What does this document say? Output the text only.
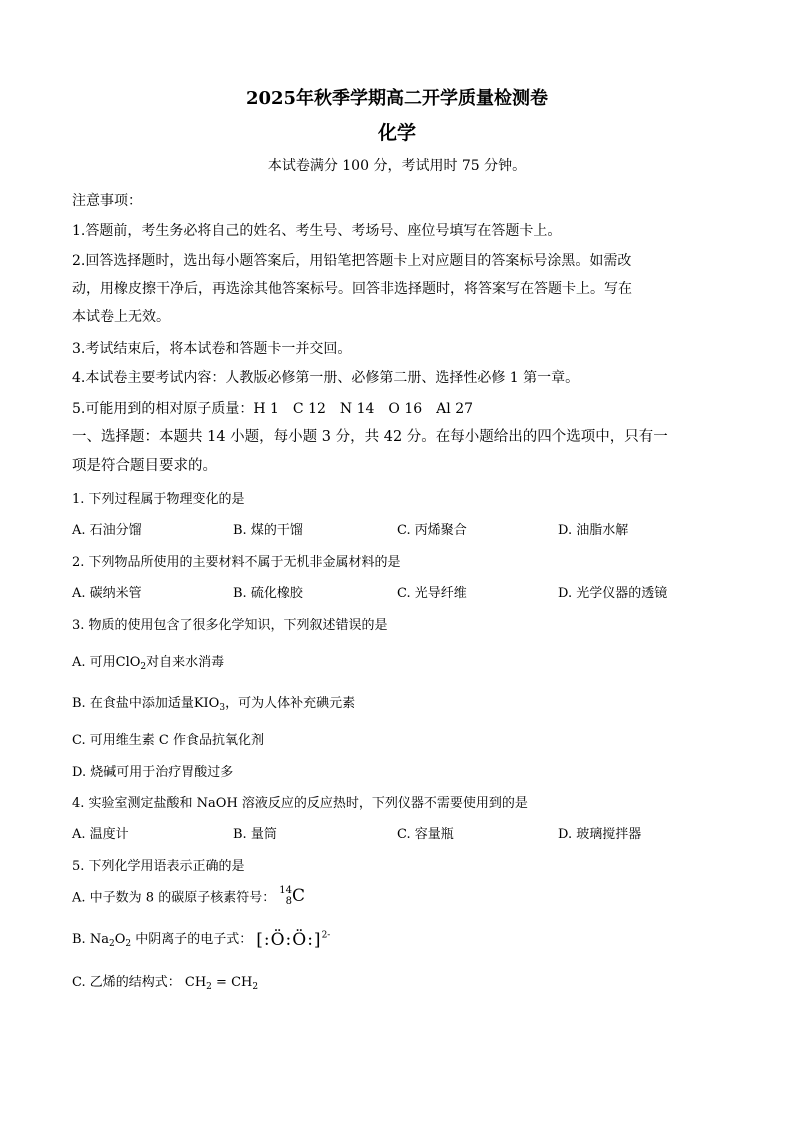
2025年秋季学期高二开学质量检测卷
化学
本试卷满分 100 分，考试用时 75 分钟。
注意事项：
1.答题前，考生务必将自己的姓名、考生号、考场号、座位号填写在答题卡上。
2.回答选择题时，选出每小题答案后，用铅笔把答题卡上对应题目的答案标号涂黑。如需改
动，用橡皮擦干净后，再选涂其他答案标号。回答非选择题时，将答案写在答题卡上。写在
本试卷上无效。
3.考试结束后，将本试卷和答题卡一并交回。
4.本试卷主要考试内容：人教版必修第一册、必修第二册、选择性必修 1 第一章。
5.可能用到的相对原子质量：H 1　C 12　N 14　O 16　Al 27
一、选择题：本题共 14 小题，每小题 3 分，共 42 分。在每小题给出的四个选项中，只有一
项是符合题目要求的。
1. 下列过程属于物理变化的是
A. 石油分馏	B. 煤的干馏	C. 丙烯聚合	D. 油脂水解
2. 下列物品所使用的主要材料不属于无机非金属材料的是
A. 碳纳米管	B. 硫化橡胶	C. 光导纤维	D. 光学仪器的透镜
3. 物质的使用包含了很多化学知识，下列叙述错误的是
A. 可用ClO$_2$对自来水消毒
B. 在食盐中添加适量$KIO_3$，可为人体补充碘元素
C. 可用维生素 C 作食品抗氧化剂
D. 烧碱可用于治疗胃酸过多
4. 实验室测定盐酸和 NaOH 溶液反应的反应热时，下列仪器不需要使用到的是
A. 温度计	B. 量筒	C. 容量瓶	D. 玻璃搅拌器
5. 下列化学用语表示正确的是
A. 中子数为 8 的碳原子核素符号： 14
8 C
B. $Na_2O_2$ 中阴离子的电子式： [:Ö:Ö:]$^{2-}$
C. 乙烯的结构式： $CH_2 = CH_2$
